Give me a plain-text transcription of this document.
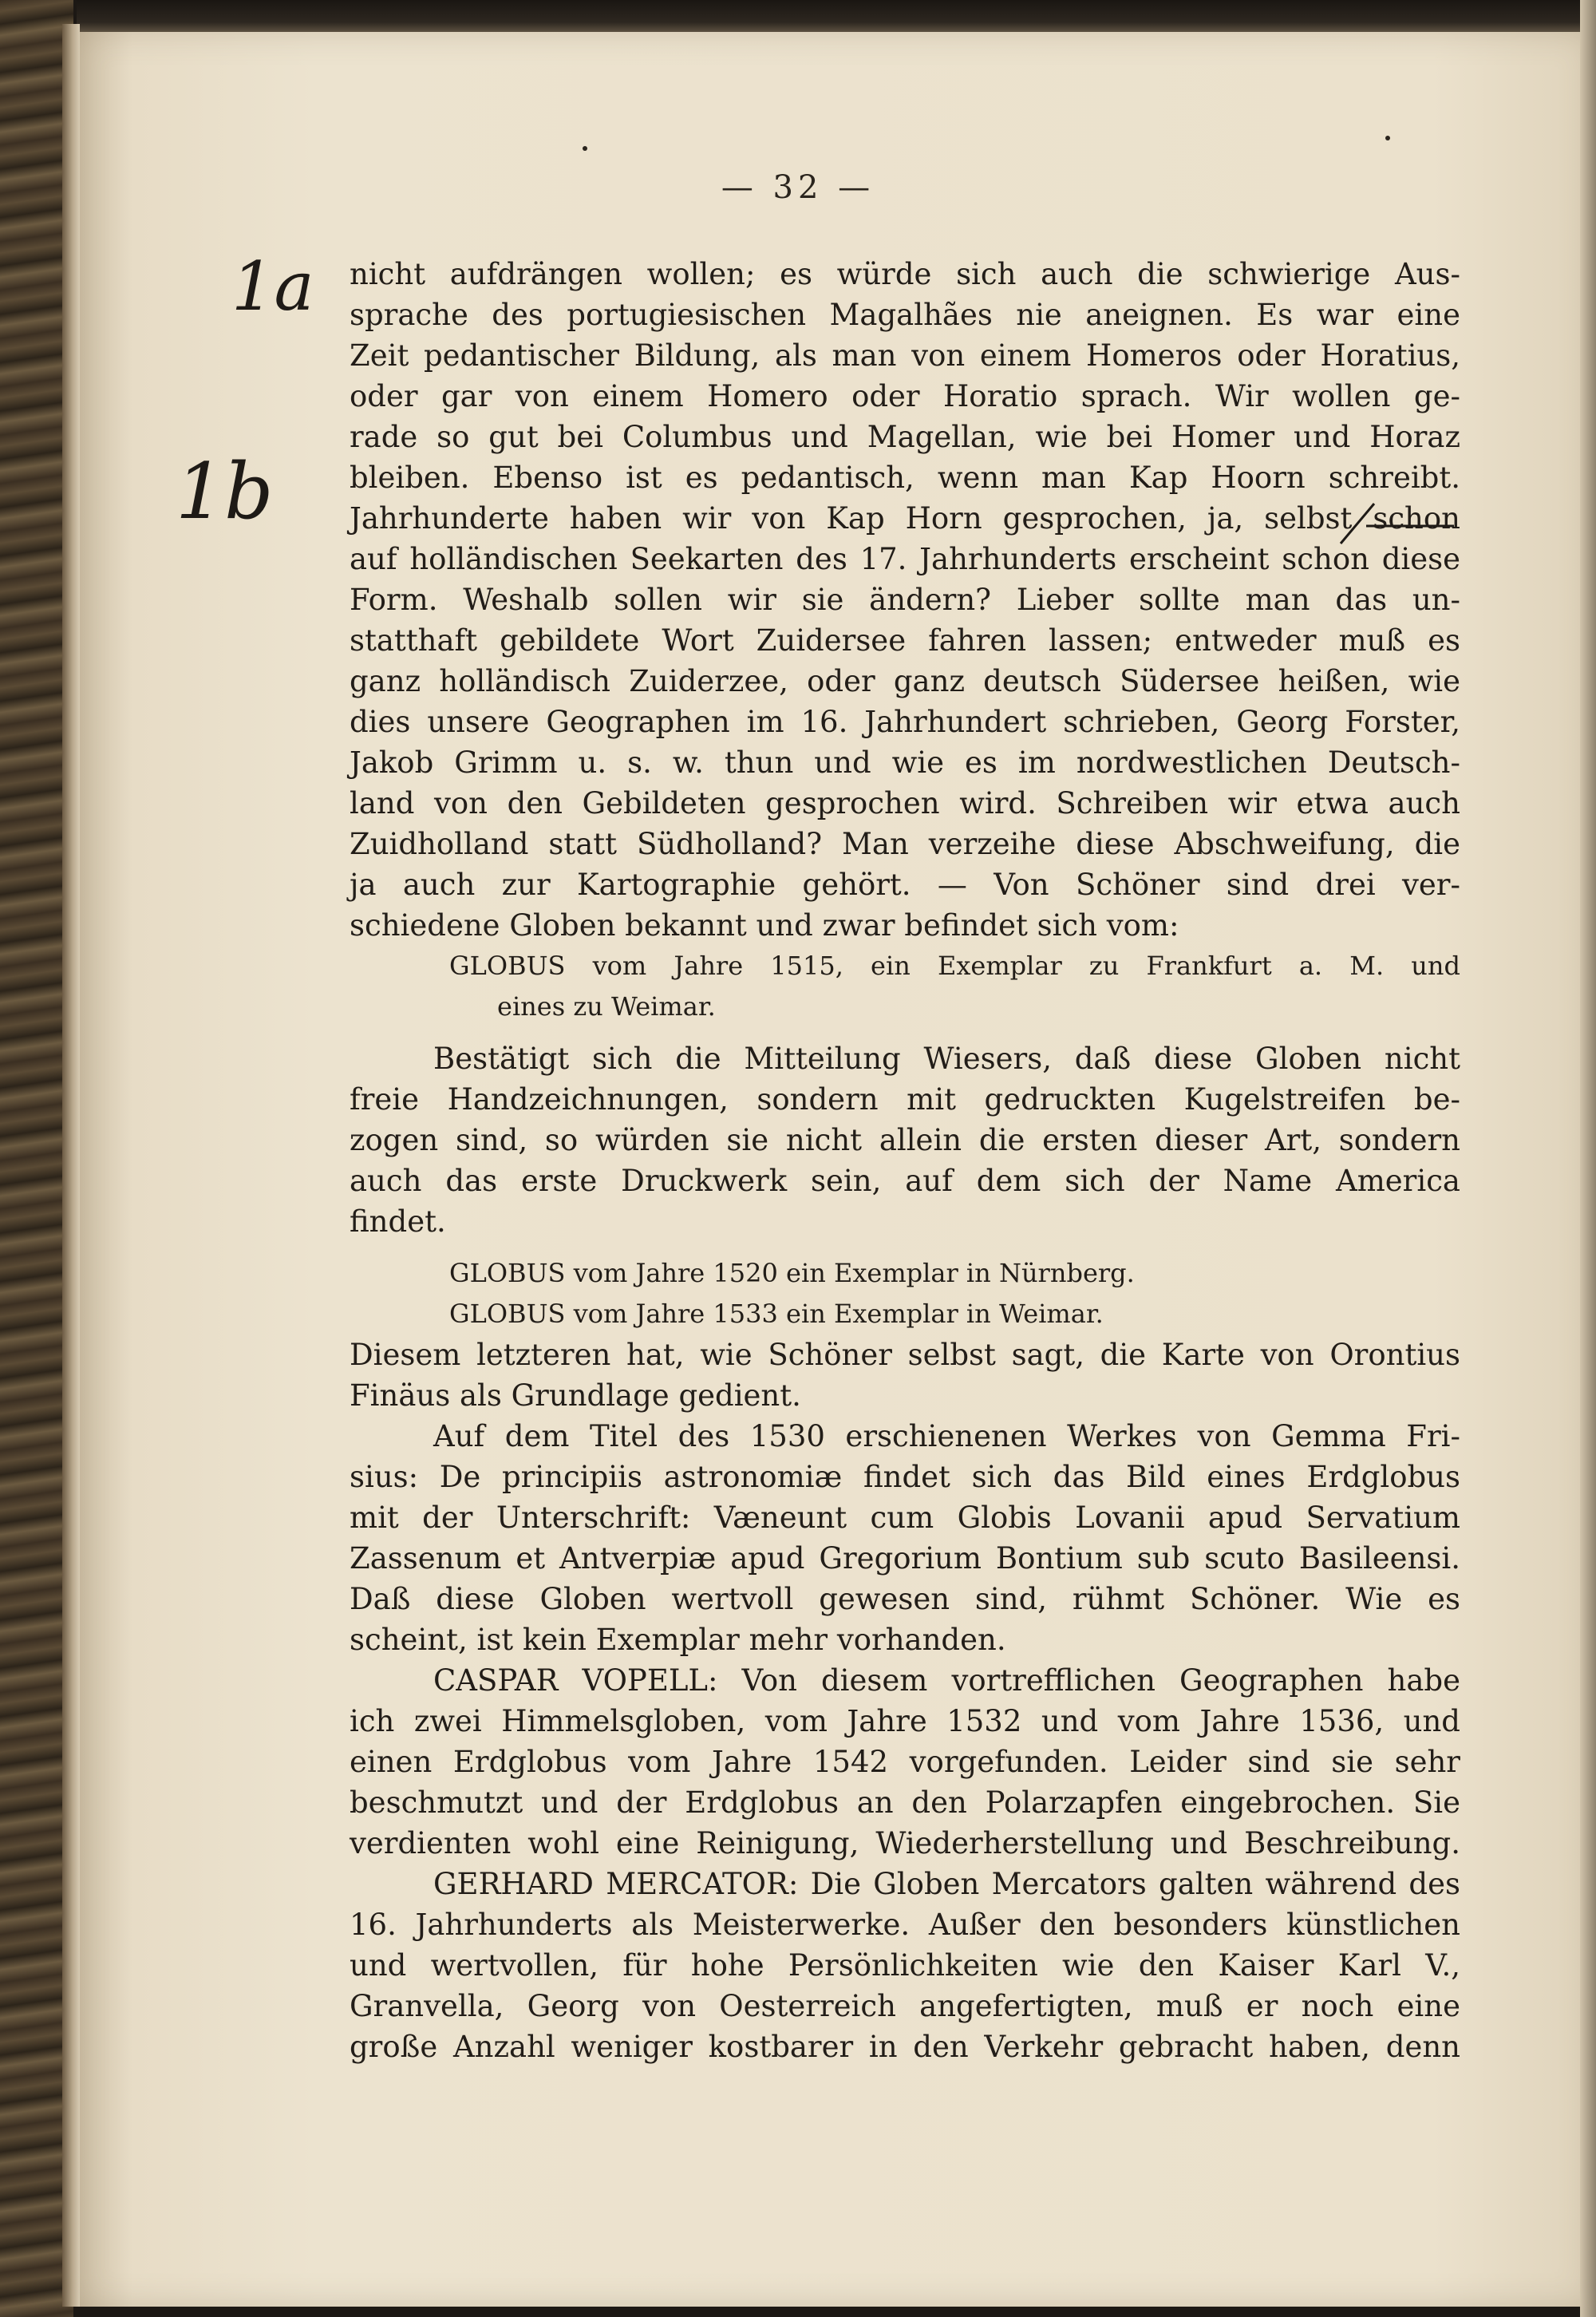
— 32 —
1a
1b
nicht aufdrängen wollen; es würde sich auch die schwierige Aus-
sprache des portugiesischen Magalhães nie aneignen. Es war eine
Zeit pedantischer Bildung, als man von einem Homeros oder Horatius,
oder gar von einem Homero oder Horatio sprach. Wir wollen ge-
rade so gut bei Columbus und Magellan, wie bei Homer und Horaz
bleiben. Ebenso ist es pedantisch, wenn man Kap Hoorn schreibt.
Jahrhunderte haben wir von Kap Horn gesprochen, ja, selbst schon
auf holländischen Seekarten des 17. Jahrhunderts erscheint schon diese
Form. Weshalb sollen wir sie ändern? Lieber sollte man das un-
statthaft gebildete Wort Zuidersee fahren lassen; entweder muß es
ganz holländisch Zuiderzee, oder ganz deutsch Südersee heißen, wie
dies unsere Geographen im 16. Jahrhundert schrieben, Georg Forster,
Jakob Grimm u. s. w. thun und wie es im nordwestlichen Deutsch-
land von den Gebildeten gesprochen wird. Schreiben wir etwa auch
Zuidholland statt Südholland? Man verzeihe diese Abschweifung, die
ja auch zur Kartographie gehört. — Von Schöner sind drei ver-
schiedene Globen bekannt und zwar befindet sich vom:
GLOBUS vom Jahre 1515, ein Exemplar zu Frankfurt a. M. und
eines zu Weimar.
Bestätigt sich die Mitteilung Wiesers, daß diese Globen nicht
freie Handzeichnungen, sondern mit gedruckten Kugelstreifen be-
zogen sind, so würden sie nicht allein die ersten dieser Art, sondern
auch das erste Druckwerk sein, auf dem sich der Name America
findet.
GLOBUS vom Jahre 1520 ein Exemplar in Nürnberg.
GLOBUS vom Jahre 1533 ein Exemplar in Weimar.
Diesem letzteren hat, wie Schöner selbst sagt, die Karte von Orontius
Finäus als Grundlage gedient.
Auf dem Titel des 1530 erschienenen Werkes von Gemma Fri-
sius: De principiis astronomiæ findet sich das Bild eines Erdglobus
mit der Unterschrift: Væneunt cum Globis Lovanii apud Servatium
Zassenum et Antverpiæ apud Gregorium Bontium sub scuto Basileensi.
Daß diese Globen wertvoll gewesen sind, rühmt Schöner. Wie es
scheint, ist kein Exemplar mehr vorhanden.
CASPAR VOPELL: Von diesem vortrefflichen Geographen habe
ich zwei Himmelsgloben, vom Jahre 1532 und vom Jahre 1536, und
einen Erdglobus vom Jahre 1542 vorgefunden. Leider sind sie sehr
beschmutzt und der Erdglobus an den Polarzapfen eingebrochen. Sie
verdienten wohl eine Reinigung, Wiederherstellung und Beschreibung.
GERHARD MERCATOR: Die Globen Mercators galten während des
16. Jahrhunderts als Meisterwerke. Außer den besonders künstlichen
und wertvollen, für hohe Persönlichkeiten wie den Kaiser Karl V.,
Granvella, Georg von Oesterreich angefertigten, muß er noch eine
große Anzahl weniger kostbarer in den Verkehr gebracht haben, denn
